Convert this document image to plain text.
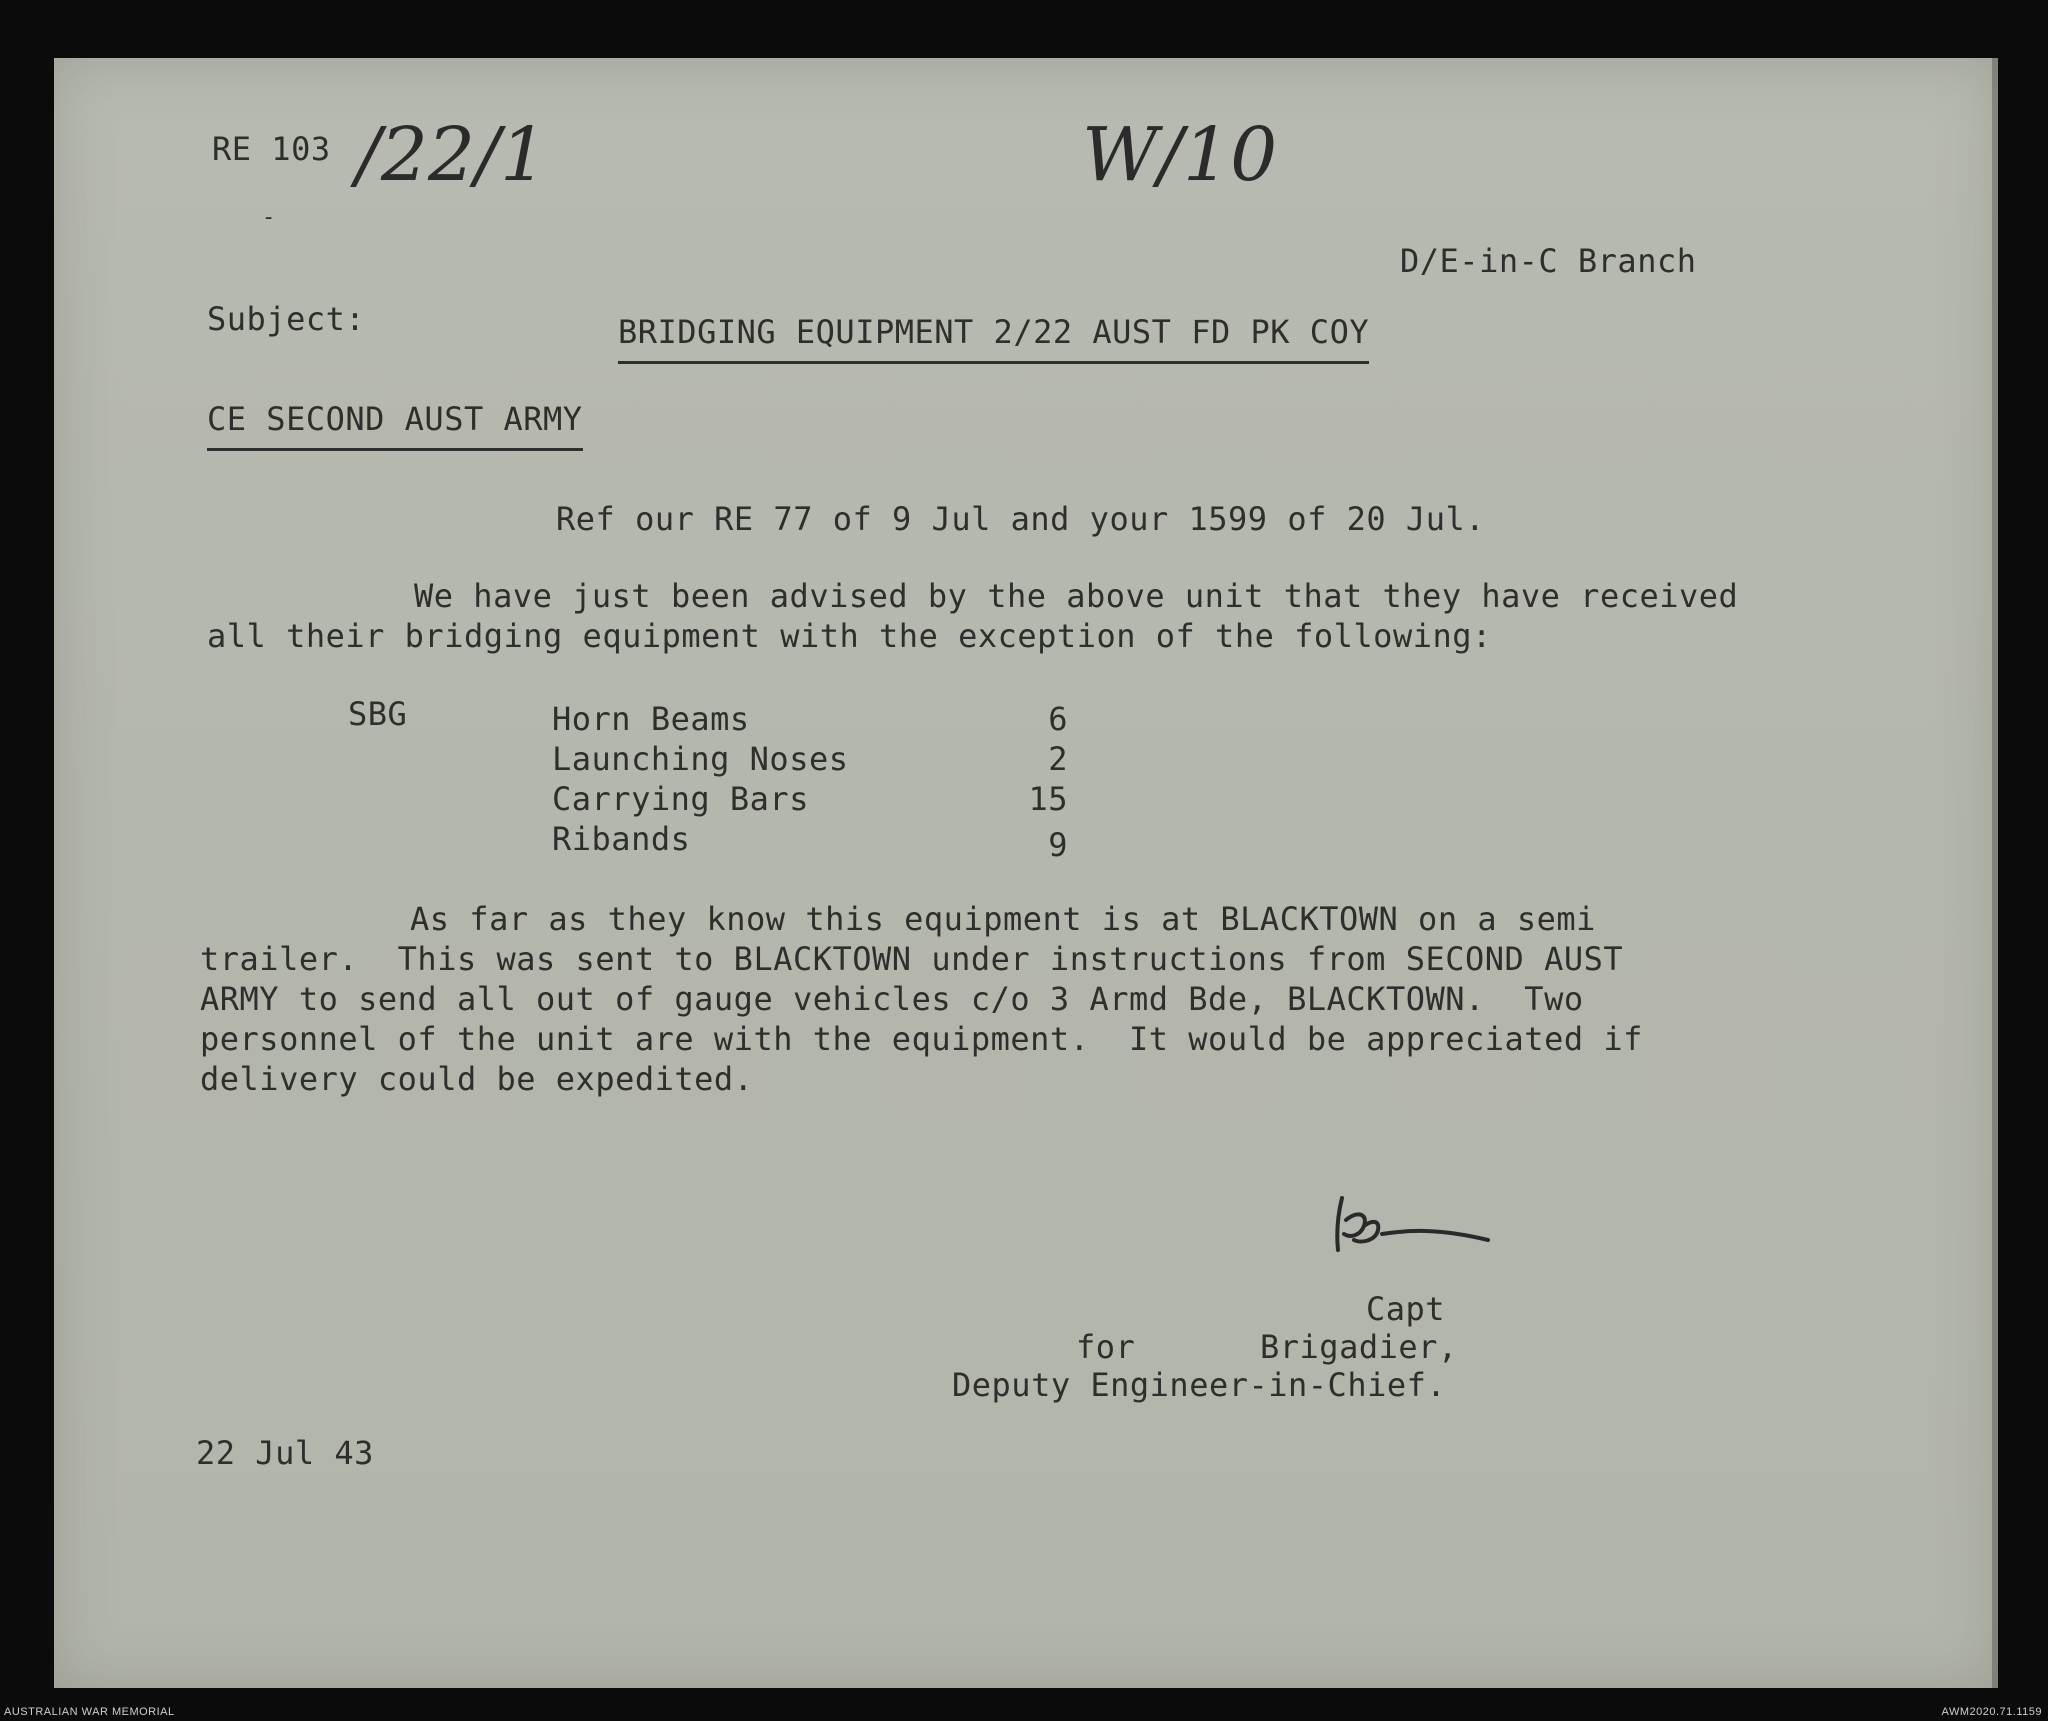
RE 103 /22/1	W/10
-
D/E-in-C Branch
Subject:	BRIDGING EQUIPMENT 2/22 AUST FD PK COY
CE SECOND AUST ARMY
Ref our RE 77 of 9 Jul and your 1599 of 20 Jul.
We have just been advised by the above unit that they have received
all their bridging equipment with the exception of the following:
SBG	Horn Beams	6
Launching Noses	2
Carrying Bars	15
Ribands	9
As far as they know this equipment is at BLACKTOWN on a semi
trailer.  This was sent to BLACKTOWN under instructions from SECOND AUST
ARMY to send all out of gauge vehicles c/o 3 Armd Bde, BLACKTOWN.  Two
personnel of the unit are with the equipment.  It would be appreciated if
delivery could be expedited.
Capt
for	Brigadier,
Deputy Engineer-in-Chief.
22 Jul 43
AUSTRALIAN WAR MEMORIAL	AWM2020.71.1159
